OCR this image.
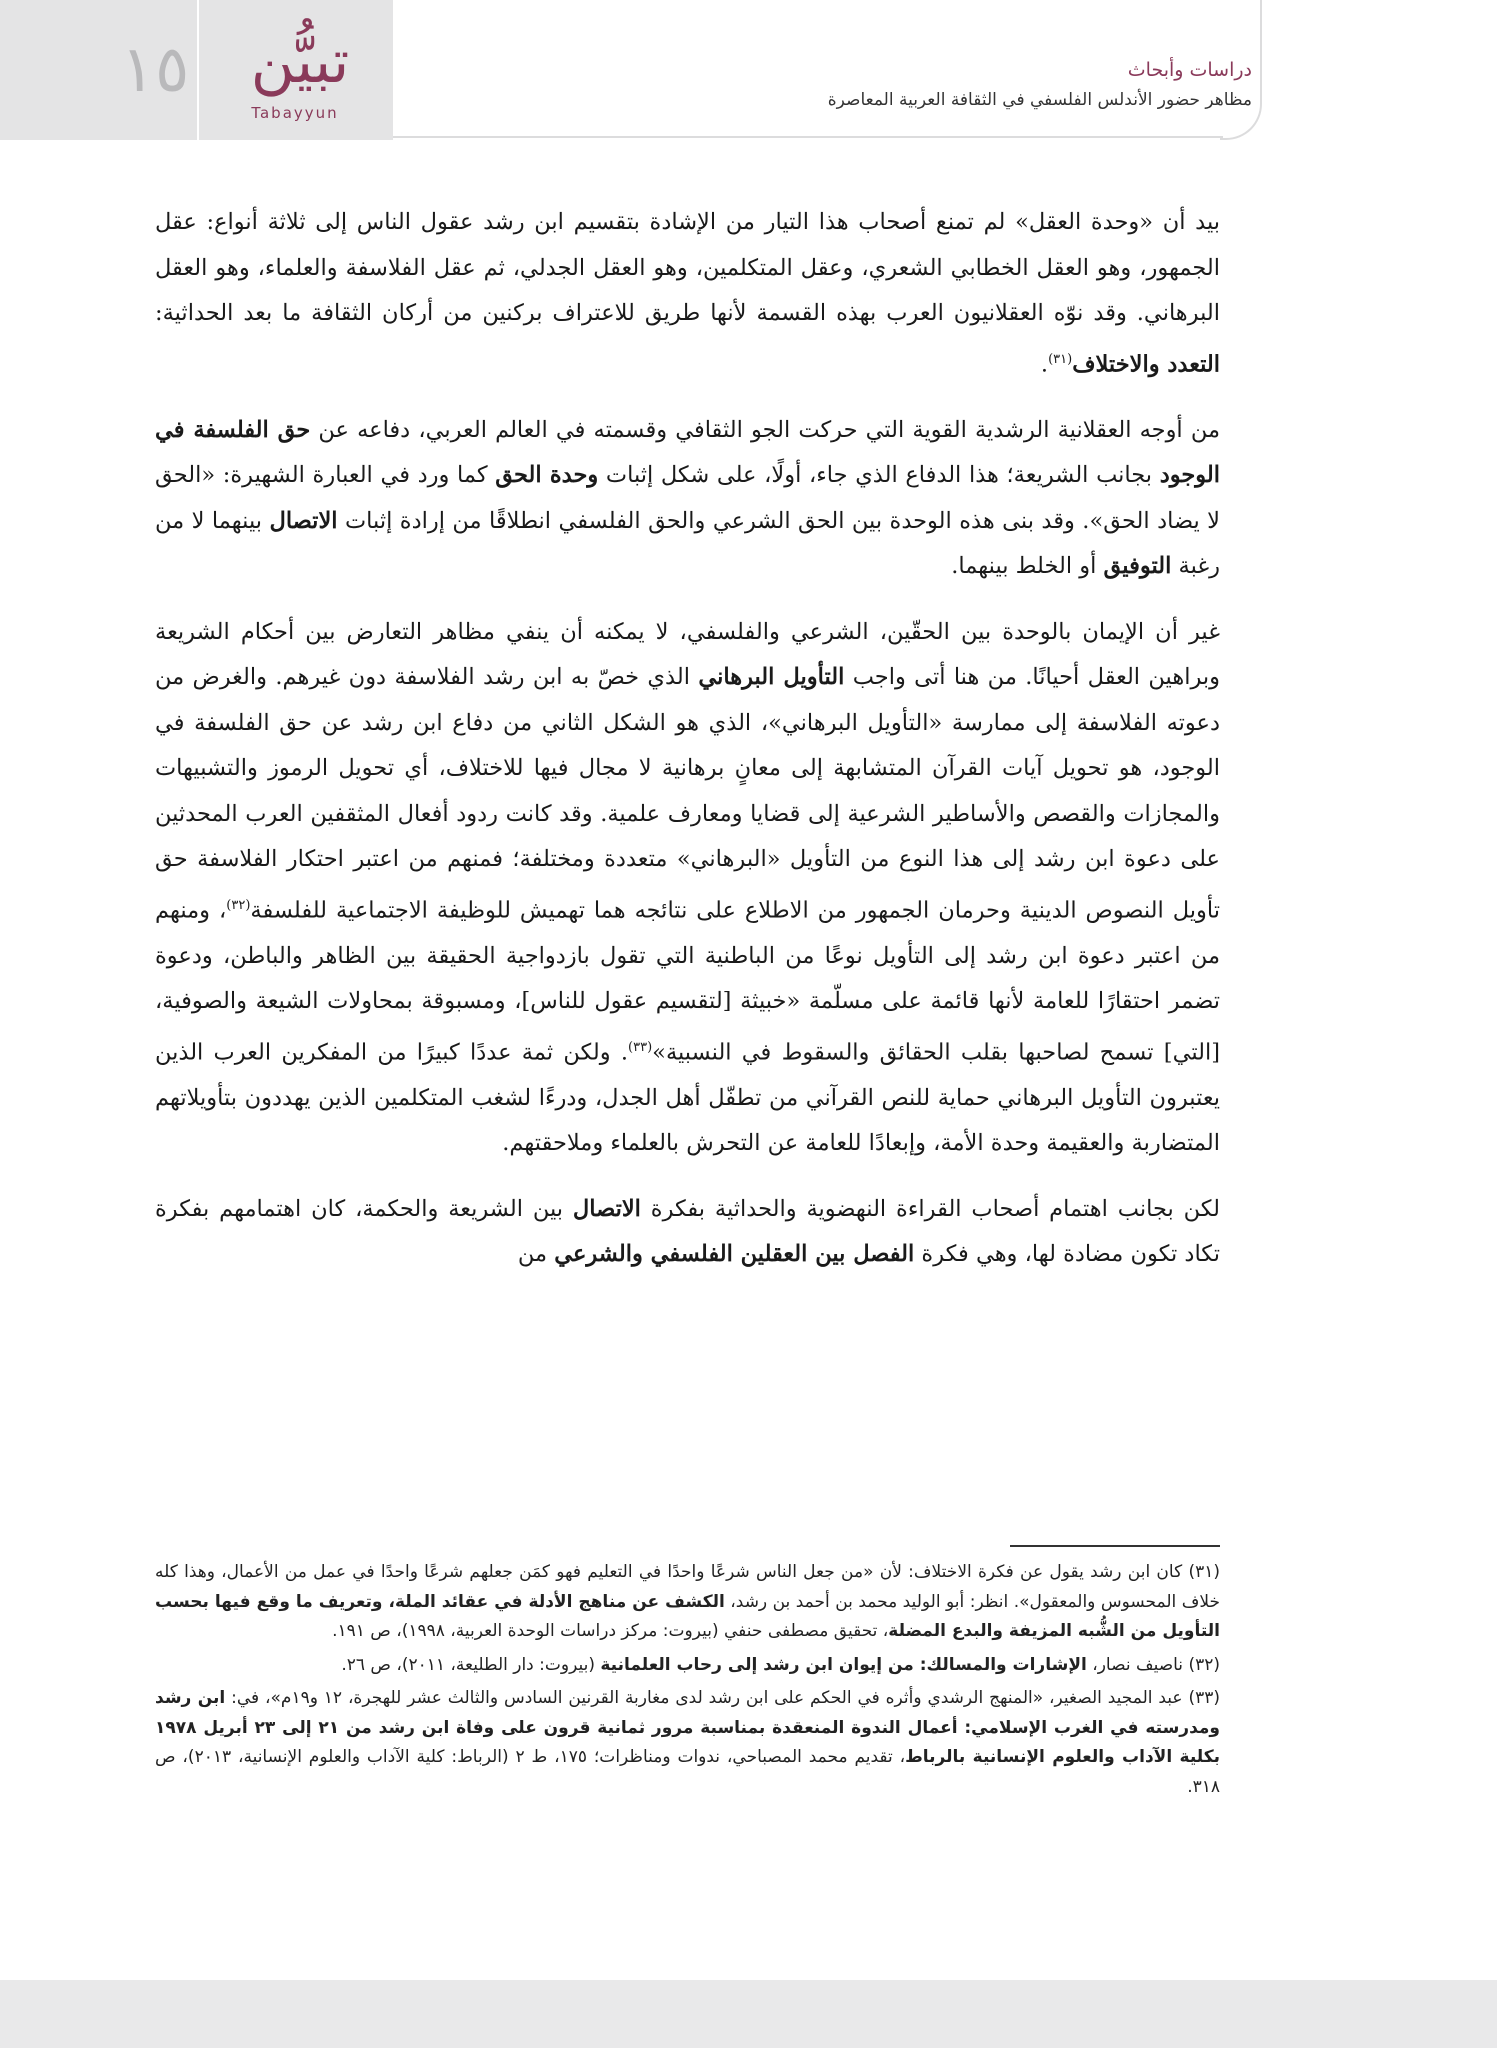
١٥	تبيُّن
Tabayyun
دراسات وأبحاث
مظاهر حضور الأندلس الفلسفي في الثقافة العربية المعاصرة

بيد أن «وحدة العقل» لم تمنع أصحاب هذا التيار من الإشادة بتقسيم ابن رشد عقول الناس إلى ثلاثة أنواع: عقل الجمهور، وهو العقل الخطابي الشعري، وعقل المتكلمين، وهو العقل الجدلي، ثم عقل الفلاسفة والعلماء، وهو العقل البرهاني. وقد نوّه العقلانيون العرب بهذه القسمة لأنها طريق للاعتراف بركنين من أركان الثقافة ما بعد الحداثية: التعدد والاختلاف$^{(٣١)}$.

من أوجه العقلانية الرشدية القوية التي حركت الجو الثقافي وقسمته في العالم العربي، دفاعه عن حق الفلسفة في الوجود بجانب الشريعة؛ هذا الدفاع الذي جاء، أولًا، على شكل إثبات وحدة الحق كما ورد في العبارة الشهيرة: «الحق لا يضاد الحق». وقد بنى هذه الوحدة بين الحق الشرعي والحق الفلسفي انطلاقًا من إرادة إثبات الاتصال بينهما لا من رغبة التوفيق أو الخلط بينهما.

غير أن الإيمان بالوحدة بين الحقّين، الشرعي والفلسفي، لا يمكنه أن ينفي مظاهر التعارض بين أحكام الشريعة وبراهين العقل أحيانًا. من هنا أتى واجب التأويل البرهاني الذي خصّ به ابن رشد الفلاسفة دون غيرهم. والغرض من دعوته الفلاسفة إلى ممارسة «التأويل البرهاني»، الذي هو الشكل الثاني من دفاع ابن رشد عن حق الفلسفة في الوجود، هو تحويل آيات القرآن المتشابهة إلى معانٍ برهانية لا مجال فيها للاختلاف، أي تحويل الرموز والتشبيهات والمجازات والقصص والأساطير الشرعية إلى قضايا ومعارف علمية. وقد كانت ردود أفعال المثقفين العرب المحدثين على دعوة ابن رشد إلى هذا النوع من التأويل «البرهاني» متعددة ومختلفة؛ فمنهم من اعتبر احتكار الفلاسفة حق تأويل النصوص الدينية وحرمان الجمهور من الاطلاع على نتائجه هما تهميش للوظيفة الاجتماعية للفلسفة$^{(٣٢)}$، ومنهم من اعتبر دعوة ابن رشد إلى التأويل نوعًا من الباطنية التي تقول بازدواجية الحقيقة بين الظاهر والباطن، ودعوة تضمر احتقارًا للعامة لأنها قائمة على مسلّمة «خبيثة [لتقسيم عقول للناس]، ومسبوقة بمحاولات الشيعة والصوفية، [التي] تسمح لصاحبها بقلب الحقائق والسقوط في النسبية»$^{(٣٣)}$. ولكن ثمة عددًا كبيرًا من المفكرين العرب الذين يعتبرون التأويل البرهاني حماية للنص القرآني من تطفّل أهل الجدل، ودرءًا لشغب المتكلمين الذين يهددون بتأويلاتهم المتضاربة والعقيمة وحدة الأمة، وإبعادًا للعامة عن التحرش بالعلماء وملاحقتهم.

لكن بجانب اهتمام أصحاب القراءة النهضوية والحداثية بفكرة الاتصال بين الشريعة والحكمة، كان اهتمامهم بفكرة تكاد تكون مضادة لها، وهي فكرة الفصل بين العقلين الفلسفي والشرعي من

(٣١) كان ابن رشد يقول عن فكرة الاختلاف: لأن «من جعل الناس شرعًا واحدًا في التعليم فهو كمَن جعلهم شرعًا واحدًا في عمل من الأعمال، وهذا كله خلاف المحسوس والمعقول». انظر: أبو الوليد محمد بن أحمد بن رشد، الكشف عن مناهج الأدلة في عقائد الملة، وتعريف ما وقع فيها بحسب التأويل من الشُّبه المزيفة والبدع المضلة، تحقيق مصطفى حنفي (بيروت: مركز دراسات الوحدة العربية، ١٩٩٨)، ص ١٩١.

(٣٢) ناصيف نصار، الإشارات والمسالك: من إيوان ابن رشد إلى رحاب العلمانية (بيروت: دار الطليعة، ٢٠١١)، ص ٢٦.

(٣٣) عبد المجيد الصغير، «المنهج الرشدي وأثره في الحكم على ابن رشد لدى مغاربة القرنين السادس والثالث عشر للهجرة، ١٢ و١٩م»، في: ابن رشد ومدرسته في الغرب الإسلامي: أعمال الندوة المنعقدة بمناسبة مرور ثمانية قرون على وفاة ابن رشد من ٢١ إلى ٢٣ أبريل ١٩٧٨ بكلية الآداب والعلوم الإنسانية بالرباط، تقديم محمد المصباحي، ندوات ومناظرات؛ ١٧٥، ط ٢ (الرباط: كلية الآداب والعلوم الإنسانية، ٢٠١٣)، ص ٣١٨.
